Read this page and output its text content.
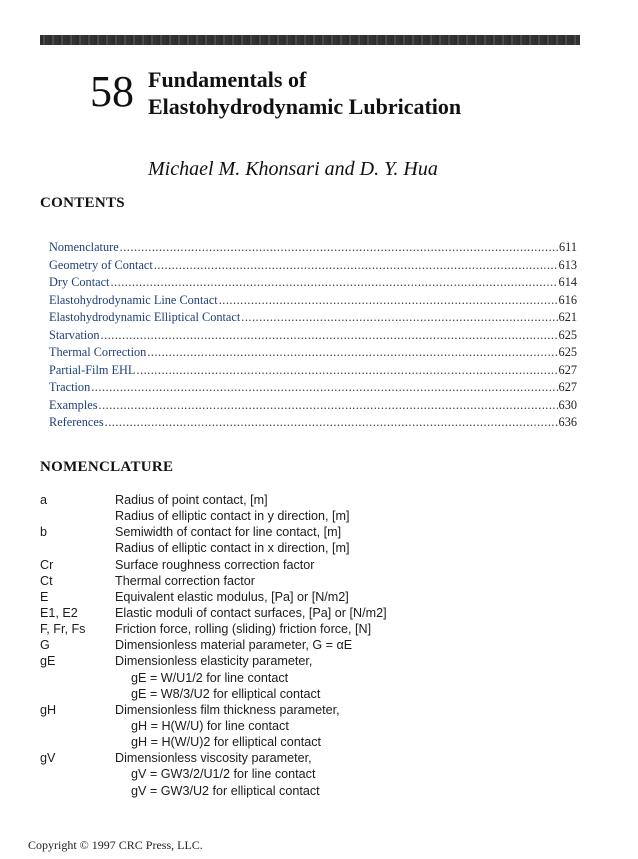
58 Fundamentals of
Elastohydrodynamic Lubrication
Michael M. Khonsari and D. Y. Hua
CONTENTS
Nomenclature .....	611
Geometry of Contact .....	613
Dry Contact .....	614
Elastohydrodynamic Line Contact .....	616
Elastohydrodynamic Elliptical Contact .....	621
Starvation .....	625
Thermal Correction .....	625
Partial-Film EHL .....	627
Traction .....	627
Examples .....	630
References .....	636
NOMENCLATURE
a	Radius of point contact, [m]
Radius of elliptic contact in y direction, [m]
b	Semiwidth of contact for line contact, [m]
Radius of elliptic contact in x direction, [m]
Cr	Surface roughness correction factor
Ct	Thermal correction factor
E	Equivalent elastic modulus, [Pa] or [N/m2]
E1, E2	Elastic moduli of contact surfaces, [Pa] or [N/m2]
F, Fr, Fs	Friction force, rolling (sliding) friction force, [N]
G	Dimensionless material parameter, G = αE
gE	Dimensionless elasticity parameter,
gE = W/U1/2 for line contact
gE = W8/3/U2 for elliptical contact
gH	Dimensionless film thickness parameter,
gH = H(W/U) for line contact
gH = H(W/U)2 for elliptical contact
gV	Dimensionless viscosity parameter,
gV = GW3/2/U1/2 for line contact
gV = GW3/U2 for elliptical contact
Copyright © 1997 CRC Press, LLC.
